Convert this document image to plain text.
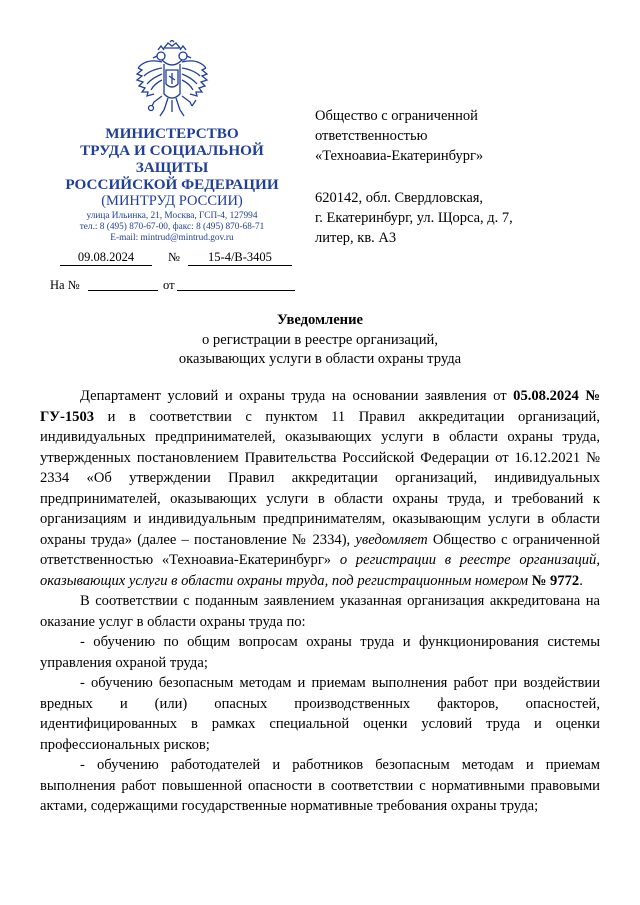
МИНИСТЕРСТВО
ТРУДА И СОЦИАЛЬНОЙ
ЗАЩИТЫ
РОССИЙСКОЙ ФЕДЕРАЦИИ
(МИНТРУД РОССИИ)
улица Ильинка, 21, Москва, ГСП-4, 127994
тел.: 8 (495) 870-67-00, факс: 8 (495) 870-68-71
E-mail: mintrud@mintrud.gov.ru
09.08.2024	№	15-4/В-3405
На №	от

Общество с ограниченной

ответственностью

«Техноавиа-Екатеринбург»

620142, обл. Свердловская,

г. Екатеринбург, ул. Щорса, д. 7,

литер, кв. А3

Уведомление
о регистрации в реестре организаций,
оказывающих услуги в области охраны труда

Департамент условий и охраны труда на основании заявления от 05.08.2024 № ГУ-1503 и в соответствии с пунктом 11 Правил аккредитации организаций, индивидуальных предпринимателей, оказывающих услуги в области охраны труда, утвержденных постановлением Правительства Российской Федерации от 16.12.2021 № 2334 «Об утверждении Правил аккредитации организаций, индивидуальных предпринимателей, оказывающих услуги в области охраны труда, и требований к организациям и индивидуальным предпринимателям, оказывающим услуги в области охраны труда» (далее – постановление № 2334), уведомляет Общество с ограниченной ответственностью «Техноавиа-Екатеринбург» о регистрации в реестре организаций, оказывающих услуги в области охраны труда, под регистрационным номером № 9772.

В соответствии с поданным заявлением указанная организация аккредитована на оказание услуг в области охраны труда по:

- обучению по общим вопросам охраны труда и функционирования системы управления охраной труда;

- обучению безопасным методам и приемам выполнения работ при воздействии вредных и (или) опасных производственных факторов, опасностей, идентифицированных в рамках специальной оценки условий труда и оценки профессиональных рисков;

- обучению работодателей и работников безопасным методам и приемам выполнения работ повышенной опасности в соответствии с нормативными правовыми актами, содержащими государственные нормативные требования охраны труда;
